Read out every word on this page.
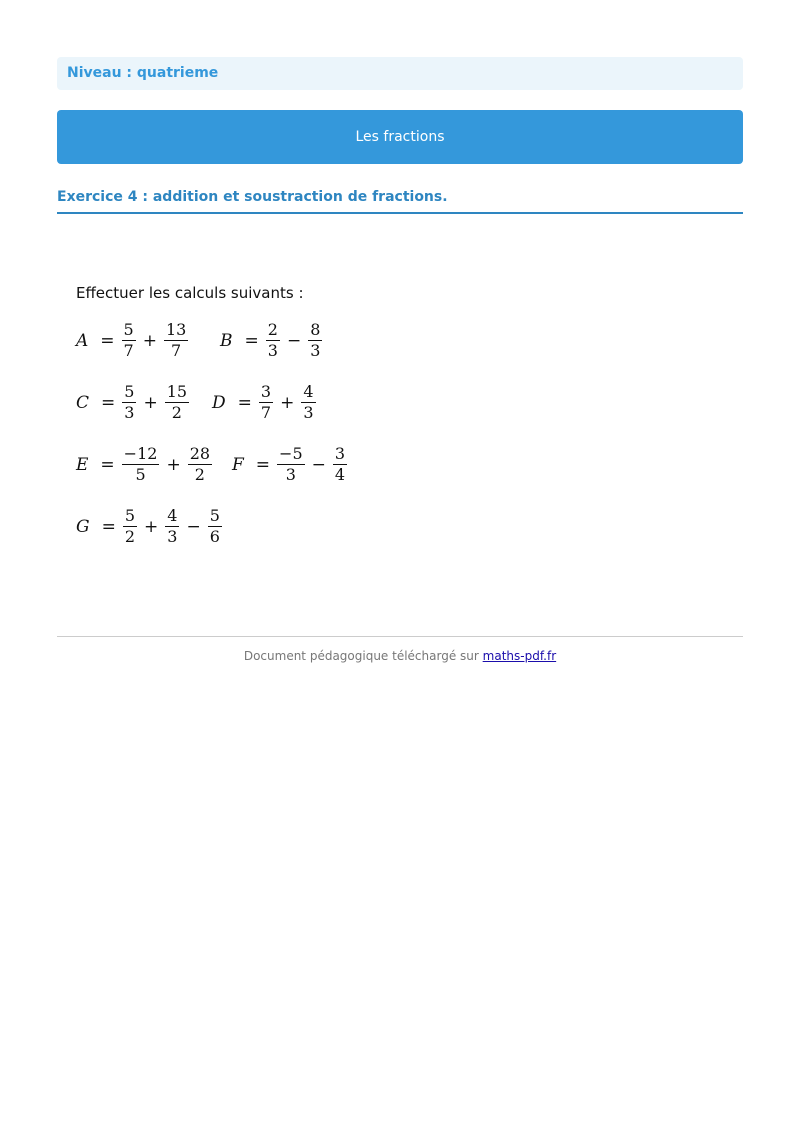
Niveau : quatrieme
Les fractions
Exercice 4 : addition et soustraction de fractions.
Effectuer les calculs suivants :
$A = \frac{5}{7} + \frac{13}{7}$ $B = \frac{2}{3} - \frac{8}{3}$
$C = \frac{5}{3} + \frac{15}{2}$ $D = \frac{3}{7} + \frac{4}{3}$
$E = \frac{-12}{5} + \frac{28}{2}$ $F = \frac{-5}{3} - \frac{3}{4}$
$G = \frac{5}{2} + \frac{4}{3} - \frac{5}{6}$
Document pédagogique téléchargé sur maths-pdf.fr
